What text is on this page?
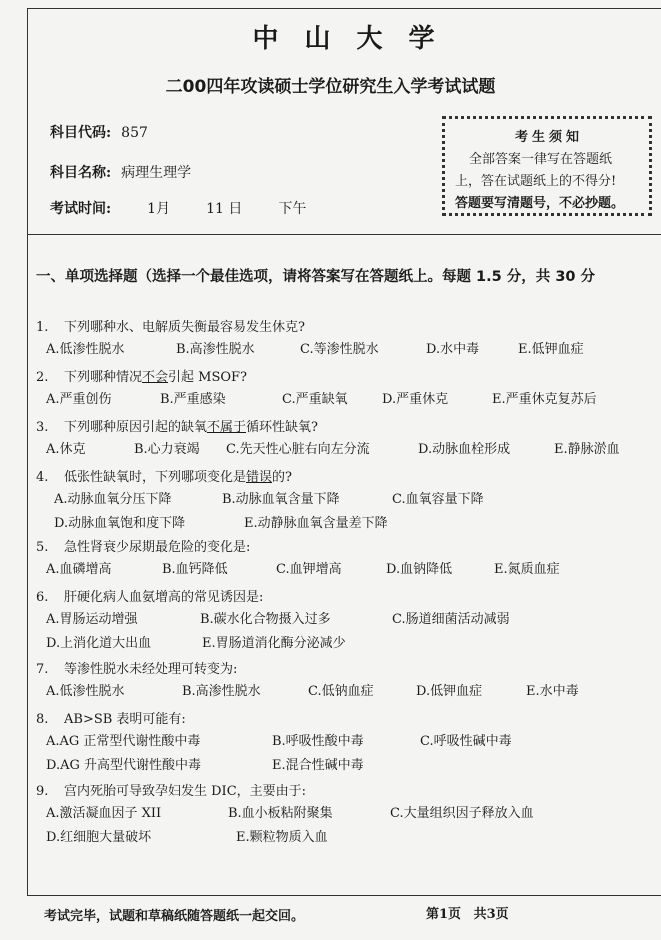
中山大学
二00四年攻读硕士学位研究生入学考试试题
科目代码: 857
科目名称: 病理生理学
考试时间:	1月	11 日	下午
考生须知
全部答案一律写在答题纸
上，答在试题纸上的不得分!
答题要写清题号，不必抄题。
一、单项选择题（选择一个最佳选项，请将答案写在答题纸上。每题 1.5 分，共 30 分
1. 下列哪种水、电解质失衡最容易发生休克?
A.低渗性脱水	B.高渗性脱水	C.等渗性脱水	D.水中毒	E.低钾血症
2. 下列哪种情况不会引起 MSOF?
A.严重创伤	B.严重感染	C.严重缺氧	D.严重休克	E.严重休克复苏后
3. 下列哪种原因引起的缺氧不属于循环性缺氧?
A.休克	B.心力衰竭 C.先天性心脏右向左分流	D.动脉血栓形成	E.静脉淤血
4. 低张性缺氧时，下列哪项变化是错误的?
A.动脉血氧分压下降	B.动脉血氧含量下降	C.血氧容量下降
D.动脉血氧饱和度下降	E.动静脉血氧含量差下降
5. 急性肾衰少尿期最危险的变化是:
A.血磷增高	B.血钙降低	C.血钾增高	D.血钠降低	E.氮质血症
6. 肝硬化病人血氨增高的常见诱因是:
A.胃肠运动增强	B.碳水化合物摄入过多	C.肠道细菌活动减弱
D.上消化道大出血	E.胃肠道消化酶分泌减少
7. 等渗性脱水未经处理可转变为:
A.低渗性脱水	B.高渗性脱水	C.低钠血症	D.低钾血症	E.水中毒
8. AB>SB 表明可能有:
A.AG 正常型代谢性酸中毒	B.呼吸性酸中毒	C.呼吸性碱中毒
D.AG 升高型代谢性酸中毒	E.混合性碱中毒
9. 宫内死胎可导致孕妇发生 DIC，主要由于:
A.激活凝血因子 XII	B.血小板粘附聚集	C.大量组织因子释放入血
D.红细胞大量破坏	E.颗粒物质入血
考试完毕，试题和草稿纸随答题纸一起交回。	第1页 共3页
